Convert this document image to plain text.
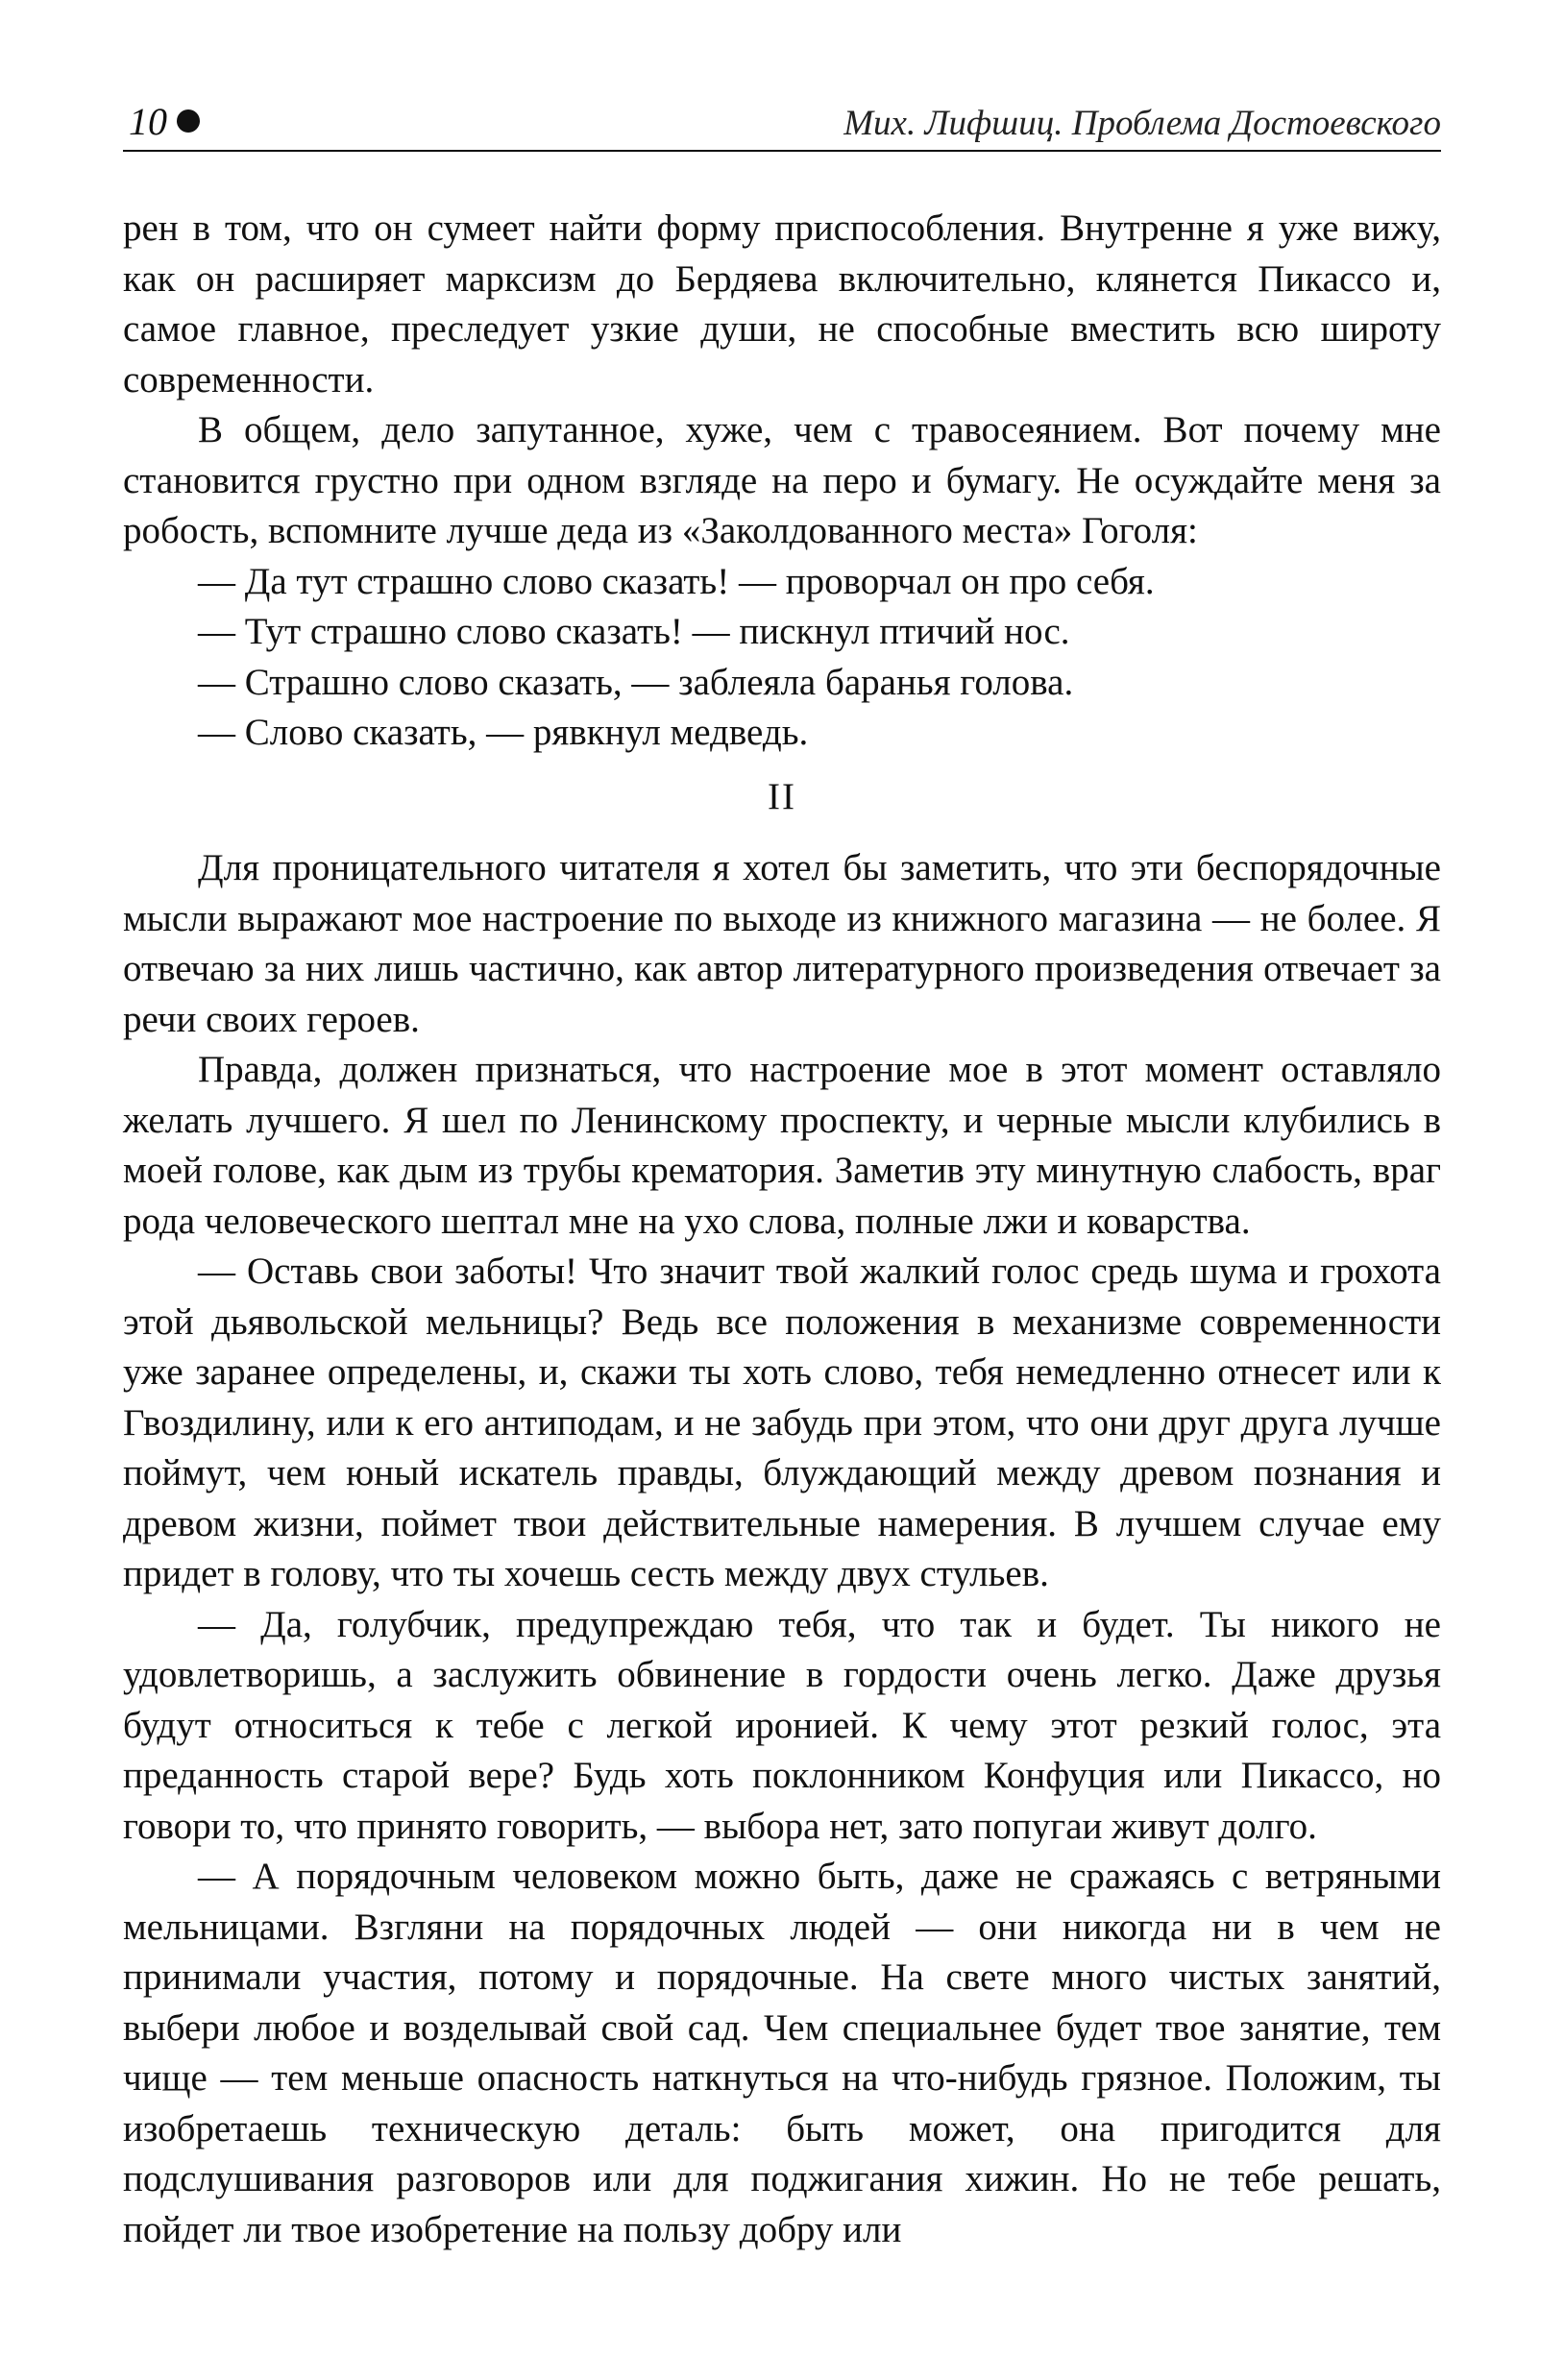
10	Мих. Лифшиц. Проблема Достоевского

рен в том, что он сумеет найти форму приспособления. Внутренне я уже вижу, как он расширяет марксизм до Бердяева включительно, клянется Пикассо и, самое главное, преследует узкие души, не способные вместить всю широту современности.

В общем, дело запутанное, хуже, чем с травосеянием. Вот почему мне становится грустно при одном взгляде на перо и бумагу. Не осуждайте меня за робость, вспомните лучше деда из «Заколдованного места» Гоголя:

— Да тут страшно слово сказать! — проворчал он про себя.

— Тут страшно слово сказать! — пискнул птичий нос.

— Страшно слово сказать, — заблеяла баранья голова.

— Слово сказать, — рявкнул медведь.

II

Для проницательного читателя я хотел бы заметить, что эти беспорядочные мысли выражают мое настроение по выходе из книжного магазина — не более. Я отвечаю за них лишь частично, как автор литературного произведения отвечает за речи своих героев.

Правда, должен признаться, что настроение мое в этот момент оставляло желать лучшего. Я шел по Ленинскому проспекту, и черные мысли клубились в моей голове, как дым из трубы крематория. Заметив эту минутную слабость, враг рода человеческого шептал мне на ухо слова, полные лжи и коварства.

— Оставь свои заботы! Что значит твой жалкий голос средь шума и грохота этой дьявольской мельницы? Ведь все положения в механизме современности уже заранее определены, и, скажи ты хоть слово, тебя немедленно отнесет или к Гвоздилину, или к его антиподам, и не забудь при этом, что они друг друга лучше поймут, чем юный искатель правды, блуждающий между древом познания и древом жизни, поймет твои действительные намерения. В лучшем случае ему придет в голову, что ты хочешь сесть между двух стульев.

— Да, голубчик, предупреждаю тебя, что так и будет. Ты никого не удовлетворишь, а заслужить обвинение в гордости очень легко. Даже друзья будут относиться к тебе с легкой иронией. К чему этот резкий голос, эта преданность старой вере? Будь хоть поклонником Конфуция или Пикассо, но говори то, что принято говорить, — выбора нет, зато попугаи живут долго.

— А порядочным человеком можно быть, даже не сражаясь с ветряными мельницами. Взгляни на порядочных людей — они никогда ни в чем не принимали участия, потому и порядочные. На свете много чистых занятий, выбери любое и возделывай свой сад. Чем специальнее будет твое занятие, тем чище — тем меньше опасность наткнуться на что-нибудь грязное. Положим, ты изобретаешь техническую деталь: быть может, она пригодится для подслушивания разговоров или для поджигания хижин. Но не тебе решать, пойдет ли твое изобретение на пользу добру или
